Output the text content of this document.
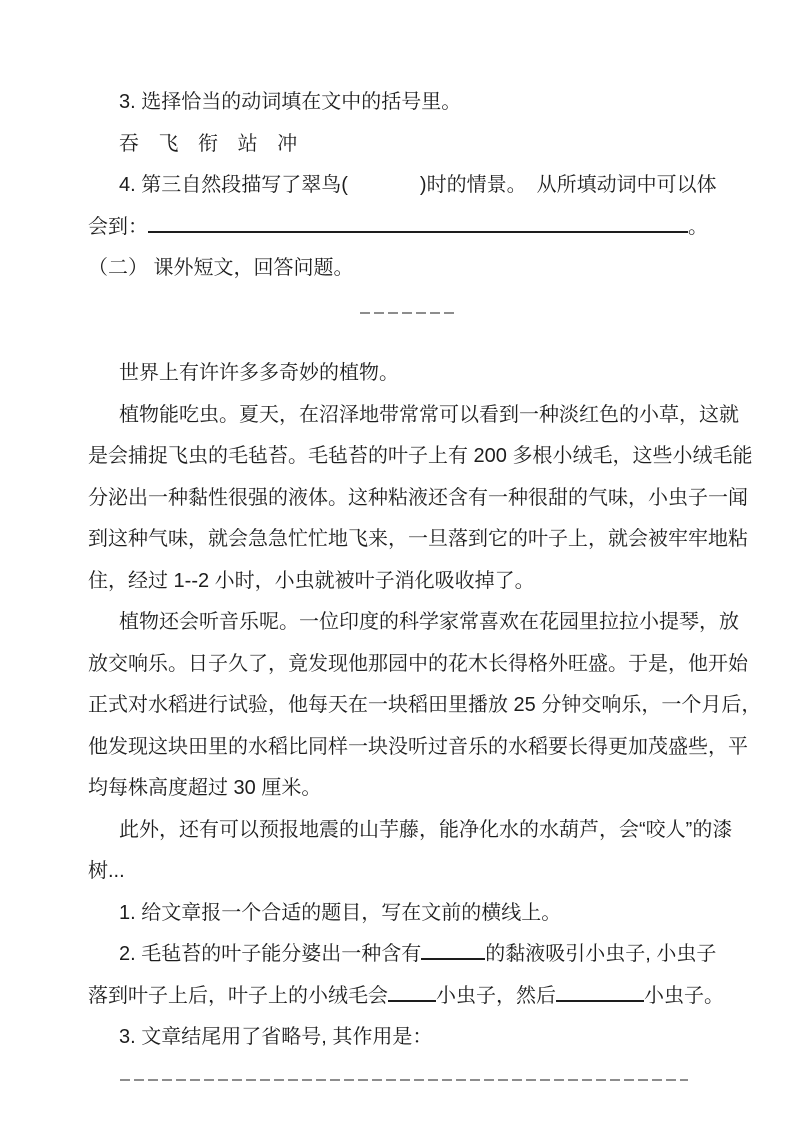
3. 选择恰当的动词填在文中的括号里。
吞 飞 衔 站 冲
4. 第三自然段描写了翠鸟(	)时的情景。　从所填动词中可以体
会到：	。
（二） 课外短文，回答问题。
世界上有许许多多奇妙的植物。
植物能吃虫。夏天，在沼泽地带常常可以看到一种淡红色的小草，这就
是会捕捉飞虫的毛毡苔。毛毡苔的叶子上有 200 多根小绒毛，这些小绒毛能
分泌出一种黏性很强的液体。这种粘液还含有一种很甜的气味，小虫子一闻
到这种气味，就会急急忙忙地飞来，一旦落到它的叶子上，就会被牢牢地粘
住，经过 1--2 小时，小虫就被叶子消化吸收掉了。
植物还会听音乐呢。一位印度的科学家常喜欢在花园里拉拉小提琴，放
放交响乐。日子久了，竟发现他那园中的花木长得格外旺盛。于是，他开始
正式对水稻进行试验，他每天在一块稻田里播放 25 分钟交响乐，一个月后，
他发现这块田里的水稻比同样一块没听过音乐的水稻要长得更加茂盛些，平
均每株高度超过 30 厘米。
此外，还有可以预报地震的山芋藤，能净化水的水葫芦，会“咬人”的漆
树...
1. 给文章报一个合适的题目，写在文前的横线上。
2. 毛毡苔的叶子能分婆出一种含有	的黏液吸引小虫子, 小虫子
落到叶子上后，叶子上的小绒毛会 小虫子，然后	小虫子。
3. 文章结尾用了省略号, 其作用是：
